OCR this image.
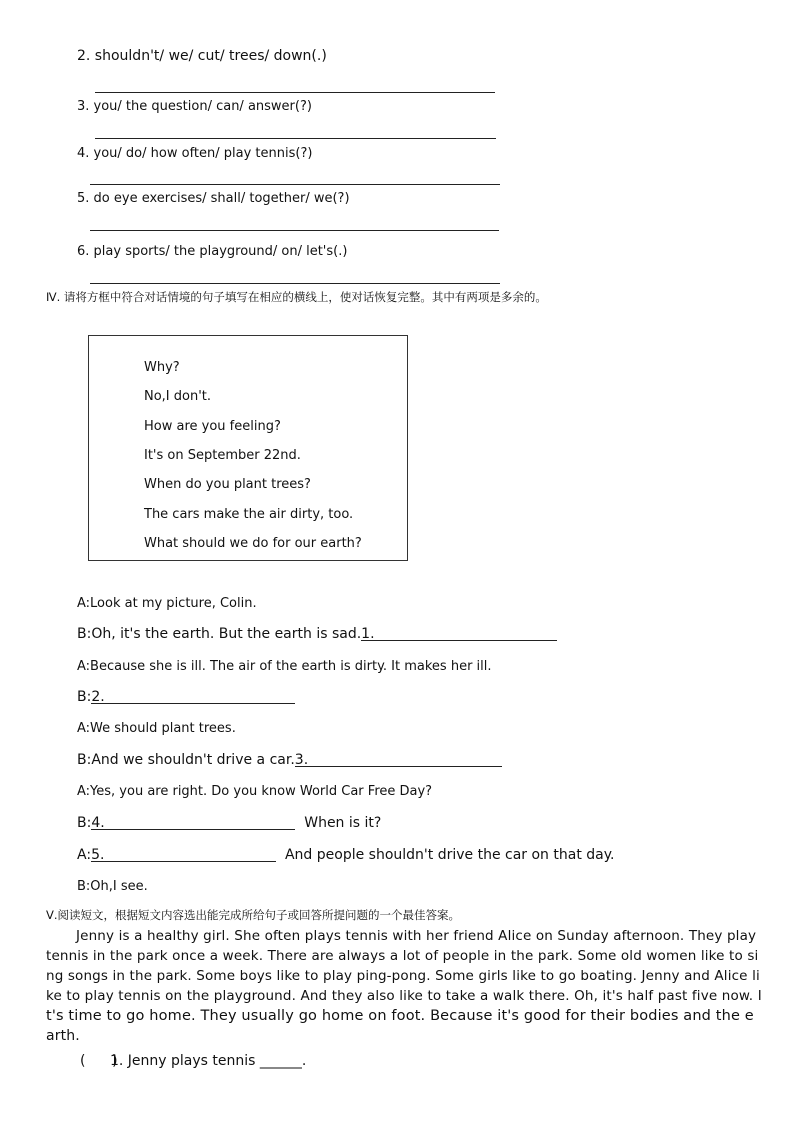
2. shouldn't/ we/ cut/ trees/ down(.)
3. you/ the question/ can/ answer(?)
4. you/ do/ how often/ play tennis(?)
5. do eye exercises/ shall/ together/ we(?)
6. play sports/ the playground/ on/ let's(.)
Ⅳ. 请将方框中符合对话情境的句子填写在相应的横线上，使对话恢复完整。其中有两项是多余的。
Why?
No,I don't.
How are you feeling?
It's on September 22nd.
When do you plant trees?
The cars make the air dirty, too.
What should we do for our earth?
A:Look at my picture, Colin.
B:Oh, it's the earth. But the earth is sad.1.
A:Because she is ill. The air of the earth is dirty. It makes her ill.
B:2.
A:We should plant trees.
B:And we shouldn't drive a car.3.
A:Yes, you are right. Do you know World Car Free Day?
B:4.	When is it?
A:5.	And people shouldn't drive the car on that day.
B:Oh,I see.
Ⅴ.阅读短文，根据短文内容选出能完成所给句子或回答所提问题的一个最佳答案。
Jenny is a healthy girl. She often plays tennis with her friend Alice on Sunday afternoon. They play
tennis in the park once a week. There are always a lot of people in the park. Some old women like to si
ng songs in the park. Some boys like to play ping-pong. Some girls like to go boating. Jenny and Alice li
ke to play tennis on the playground. And they also like to take a walk there. Oh, it's half past five now. I
t's time to go home. They usually go home on foot. Because it's good for their bodies and the e
arth.
(      )
1. Jenny plays tennis ______.
